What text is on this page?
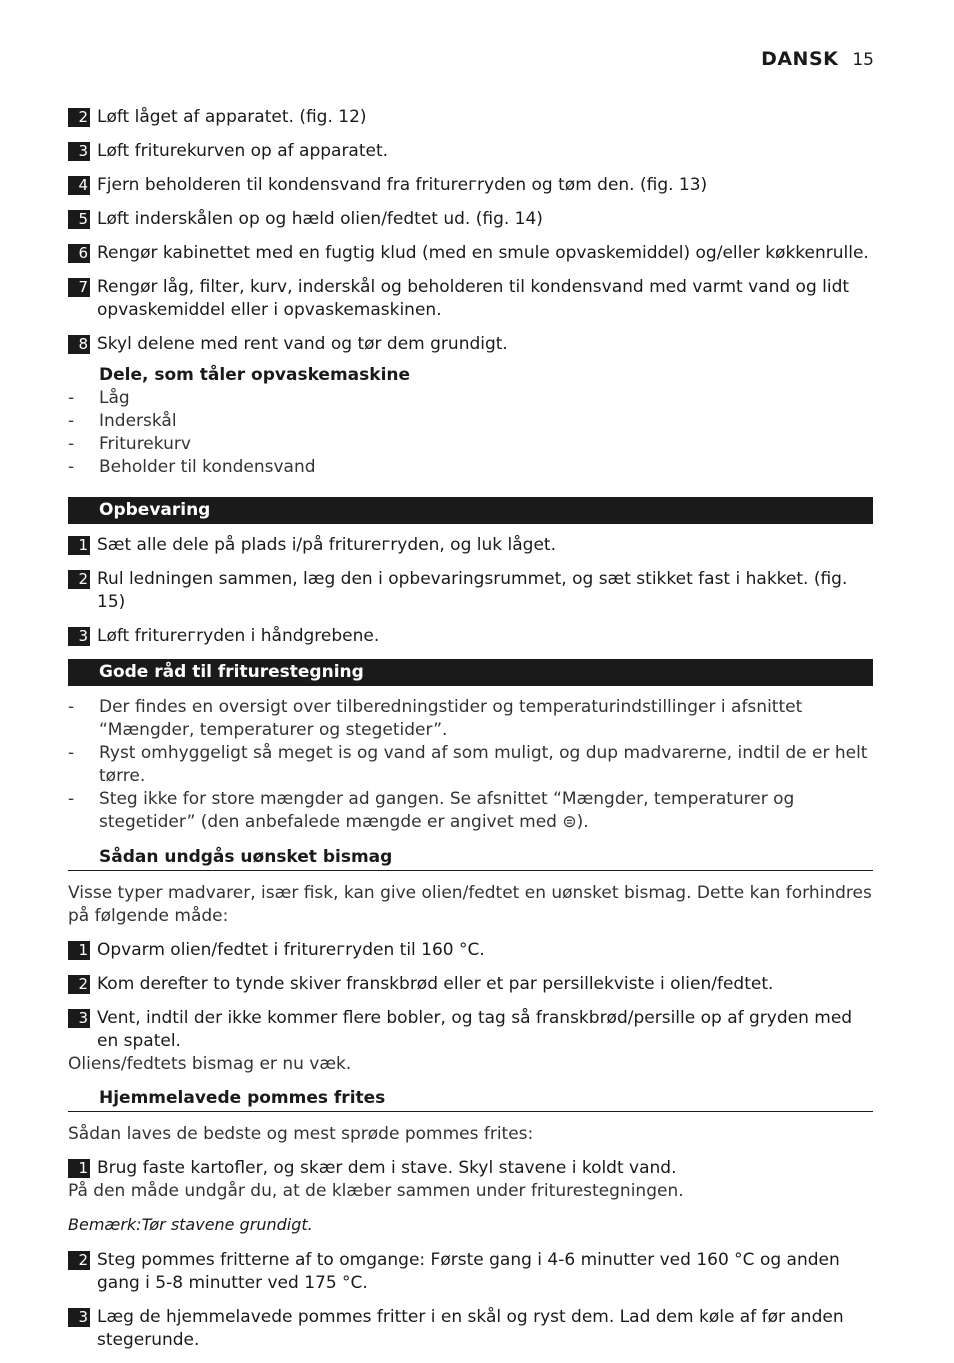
DANSK 15
2 Løft låget af apparatet. (fig. 12)
3 Løft friturekurven op af apparatet.
4 Fjern beholderen til kondensvand fra friturегryden og tøm den. (fig. 13)
5 Løft inderskålen op og hæld olien/fedtet ud. (fig. 14)
6 Rengør kabinettet med en fugtig klud (med en smule opvaskemiddel) og/eller køkkenrulle.
7 Rengør låg, filter, kurv, inderskål og beholderen til kondensvand med varmt vand og lidt opvaskemiddel eller i opvaskemaskinen.
8 Skyl delene med rent vand og tør dem grundigt.
Dele, som tåler opvaskemaskine
- Låg
- Inderskål
- Friturekurv
- Beholder til kondensvand
Opbevaring
1 Sæt alle dele på plads i/på friturегryden, og luk låget.
2 Rul ledningen sammen, læg den i opbevaringsrummet, og sæt stikket fast i hakket. (fig. 15)
3 Løft friturегryden i håndgrebene.
Gode råd til friturestegning
- Der findes en oversigt over tilberedningstider og temperaturindstillinger i afsnittet “Mængder, temperaturer og stegetider”.
- Ryst omhyggeligt så meget is og vand af som muligt, og dup madvarerne, indtil de er helt tørre.
- Steg ikke for store mængder ad gangen. Se afsnittet “Mængder, temperaturer og stegetider” (den anbefalede mængde er angivet med ⊜).
Sådan undgås uønsket bismag
Visse typer madvarer, især fisk, kan give olien/fedtet en uønsket bismag. Dette kan forhindres på følgende måde:
1 Opvarm olien/fedtet i friturегryden til 160 °C.
2 Kom derefter to tynde skiver franskbrød eller et par persillekviste i olien/fedtet.
3 Vent, indtil der ikke kommer flere bobler, og tag så franskbrød/persille op af gryden med en spatel.
Oliens/fedtets bismag er nu væk.
Hjemmelavede pommes frites
Sådan laves de bedste og mest sprøde pommes frites:
1 Brug faste kartofler, og skær dem i stave. Skyl stavene i koldt vand.
På den måde undgår du, at de klæber sammen under friturestegningen.
Bemærk:Tør stavene grundigt.
2 Steg pommes fritterne af to omgange: Første gang i 4-6 minutter ved 160 °C og anden gang i 5-8 minutter ved 175 °C.
3 Læg de hjemmelavede pommes fritter i en skål og ryst dem. Lad dem køle af før anden stegerunde.
